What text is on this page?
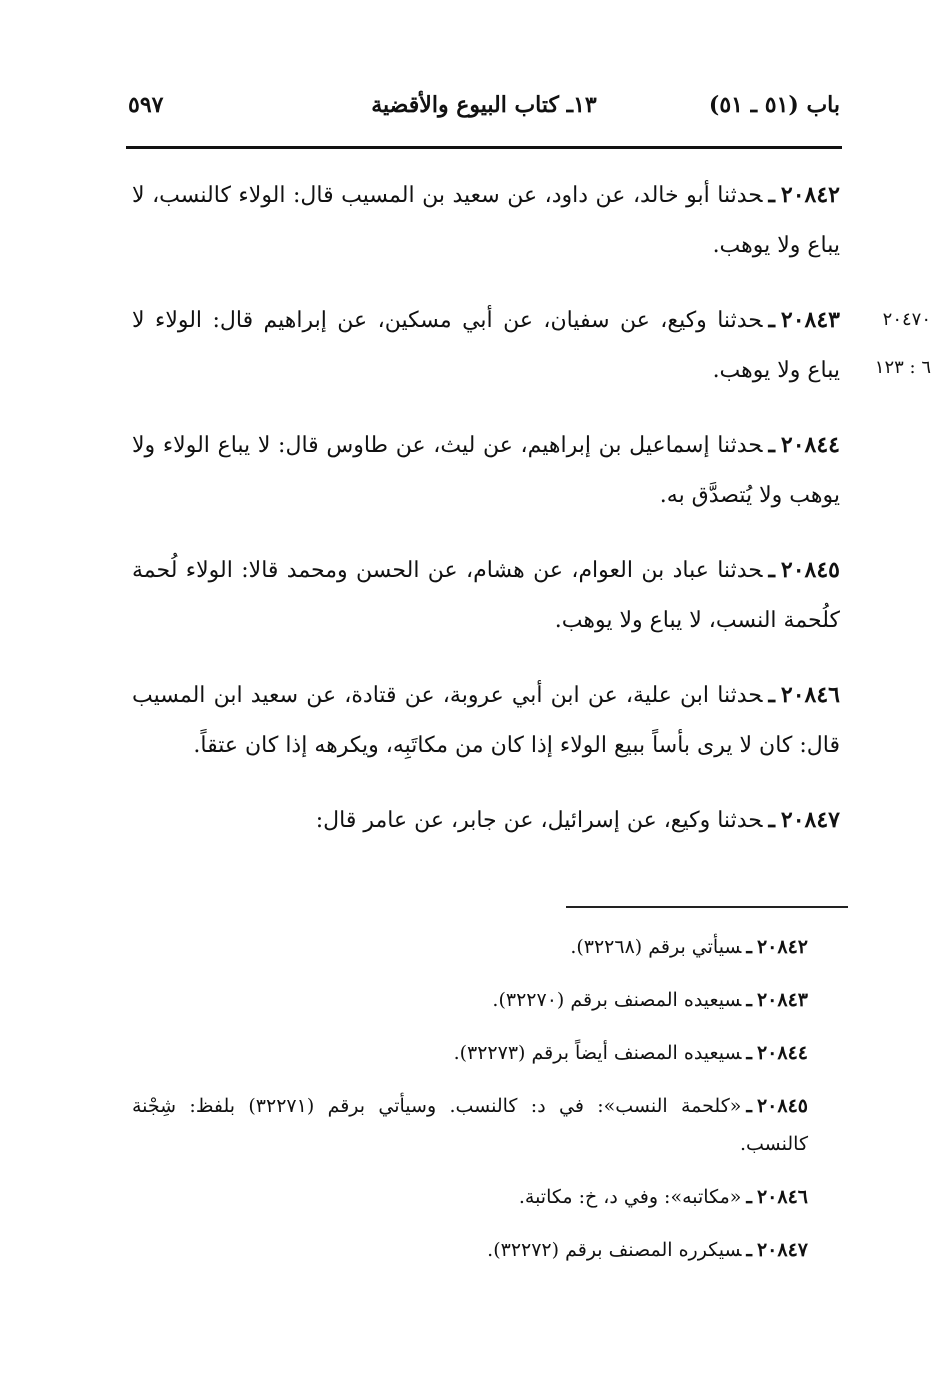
باب (٥١ ـ ٥١)
١٣ـ كتاب البيوع والأقضية
٥٩٧
٢٠٤٧٠
٦ : ١٢٣

٢٠٨٤٢ـحدثنا أبو خالد، عن داود، عن سعيد بن المسيب قال: الولاء كالنسب، لا يباع ولا يوهب.

٢٠٨٤٣ـحدثنا وكيع، عن سفيان، عن أبي مسكين، عن إبراهيم قال: الولاء لا يباع ولا يوهب.

٢٠٨٤٤ـحدثنا إسماعيل بن إبراهيم، عن ليث، عن طاوس قال: لا يباع الولاء ولا يوهب ولا يُتصدَّق به.

٢٠٨٤٥ـحدثنا عباد بن العوام، عن هشام، عن الحسن ومحمد قالا: الولاء لُحمة كلُحمة النسب، لا يباع ولا يوهب.

٢٠٨٤٦ـحدثنا ابن علية، عن ابن أبي عروبة، عن قتادة، عن سعيد ابن المسيب قال: كان لا يرى بأساً ببيع الولاء إذا كان من مكاتَبِه، ويكرهه إذا كان عتقاً.

٢٠٨٤٧ـحدثنا وكيع، عن إسرائيل، عن جابر، عن عامر قال:

٢٠٨٤٢ـسيأتي برقم (٣٢٢٦٨).

٢٠٨٤٣ـسيعيده المصنف برقم (٣٢٢٧٠).

٢٠٨٤٤ـسيعيده المصنف أيضاً برقم (٣٢٢٧٣).

٢٠٨٤٥ـ«كلحمة النسب»: في د: كالنسب. وسيأتي برقم (٣٢٢٧١) بلفظ: شِجْنة كالنسب.

٢٠٨٤٦ـ«مكاتبه»: وفي د، خ: مكاتبة.

٢٠٨٤٧ـسيكرره المصنف برقم (٣٢٢٧٢).
